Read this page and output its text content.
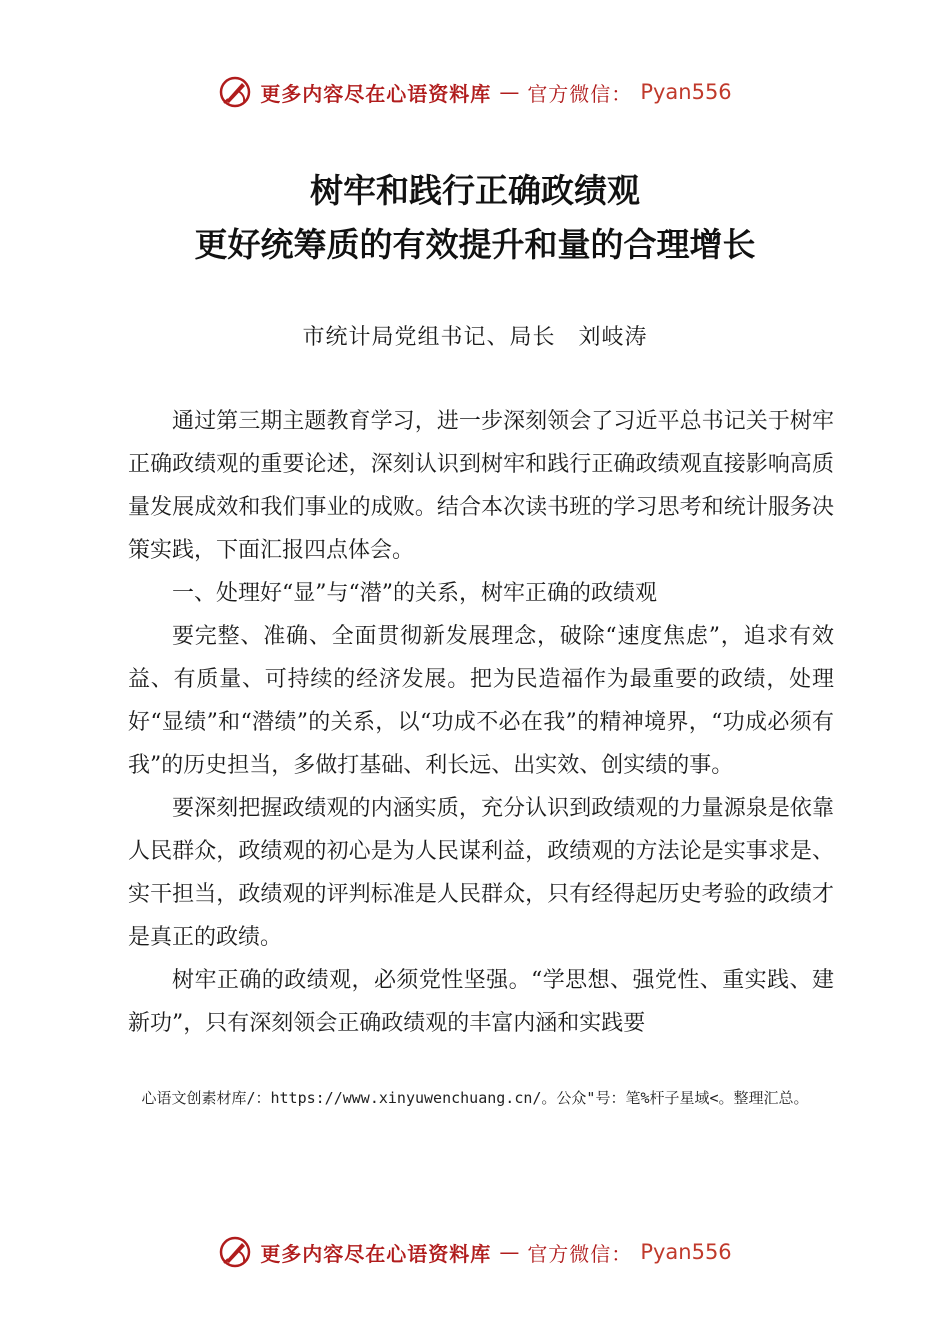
更多内容尽在心语资料库 — 官方微信： Pyan556
树牢和践行正确政绩观
更好统筹质的有效提升和量的合理增长
市统计局党组书记、局长　刘岐涛

通过第三期主题教育学习，进一步深刻领会了习近平总书记关于树牢正确政绩观的重要论述，深刻认识到树牢和践行正确政绩观直接影响高质量发展成效和我们事业的成败。结合本次读书班的学习思考和统计服务决策实践，下面汇报四点体会。

一、处理好“显”与“潜”的关系，树牢正确的政绩观

要完整、准确、全面贯彻新发展理念，破除“速度焦虑”，追求有效益、有质量、可持续的经济发展。把为民造福作为最重要的政绩，处理好“显绩”和“潜绩”的关系，以“功成不必在我”的精神境界，“功成必须有我”的历史担当，多做打基础、利长远、出实效、创实绩的事。

要深刻把握政绩观的内涵实质，充分认识到政绩观的力量源泉是依靠人民群众，政绩观的初心是为人民谋利益，政绩观的方法论是实事求是、实干担当，政绩观的评判标准是人民群众，只有经得起历史考验的政绩才是真正的政绩。

树牢正确的政绩观，必须党性坚强。“学思想、强党性、重实践、建新功”，只有深刻领会正确政绩观的丰富内涵和实践要

心语文创素材库/：https://www.xinyuwenchuang.cn/。公众"号：笔%杆子星域<。整理汇总。
更多内容尽在心语资料库 — 官方微信： Pyan556
